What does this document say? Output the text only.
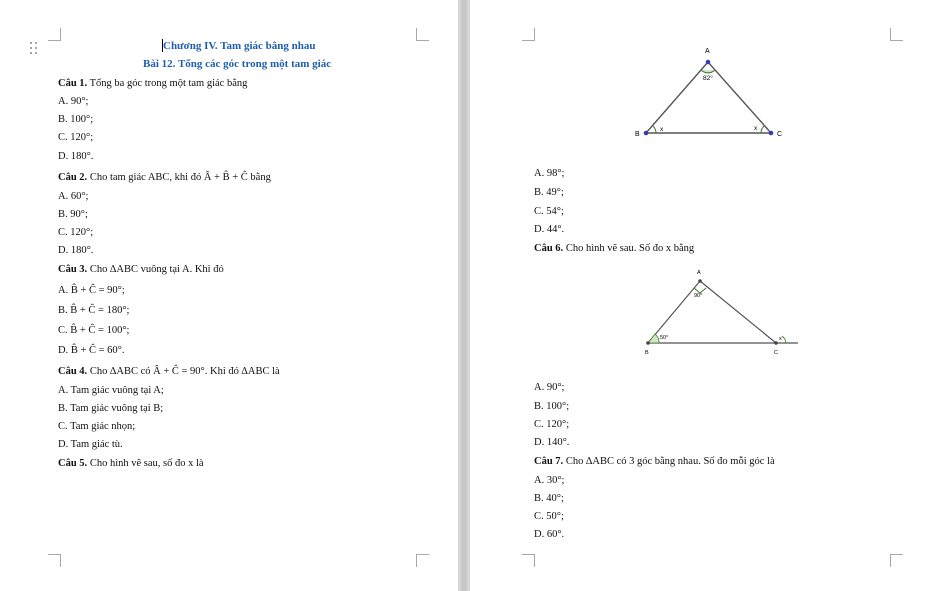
Chương IV. Tam giác bằng nhau
Bài 12. Tổng các góc trong một tam giác
Câu 1. Tổng ba góc trong một tam giác bằng
A. 90°;
B. 100°;
C. 120°;
D. 180°.
Câu 2. Cho tam giác ABC, khi đó Â + B̂ + Ĉ bằng
A. 60°;
B. 90°;
C. 120°;
D. 180°.
Câu 3. Cho ∆ABC vuông tại A. Khi đó
A. B̂ + Ĉ = 90°;
B. B̂ + Ĉ = 180°;
C. B̂ + Ĉ = 100°;
D. B̂ + Ĉ = 60°.
Câu 4. Cho ∆ABC có Â + Ĉ = 90°. Khi đó ∆ABC là
A. Tam giác vuông tại A;
B. Tam giác vuông tại B;
C. Tam giác nhọn;
D. Tam giác tù.
Câu 5. Cho hình vẽ sau, số đo x là
A
B	C
82°
x	x
A. 98°;
B. 49°;
C. 54°;
D. 44°.
Câu 6. Cho hình vẽ sau. Số đo x bằng
A
B	C
90°
50°	x
A. 90°;
B. 100°;
C. 120°;
D. 140°.
Câu 7. Cho ∆ABC có 3 góc bằng nhau. Số đo mỗi góc là
A. 30°;
B. 40°;
C. 50°;
D. 60°.
